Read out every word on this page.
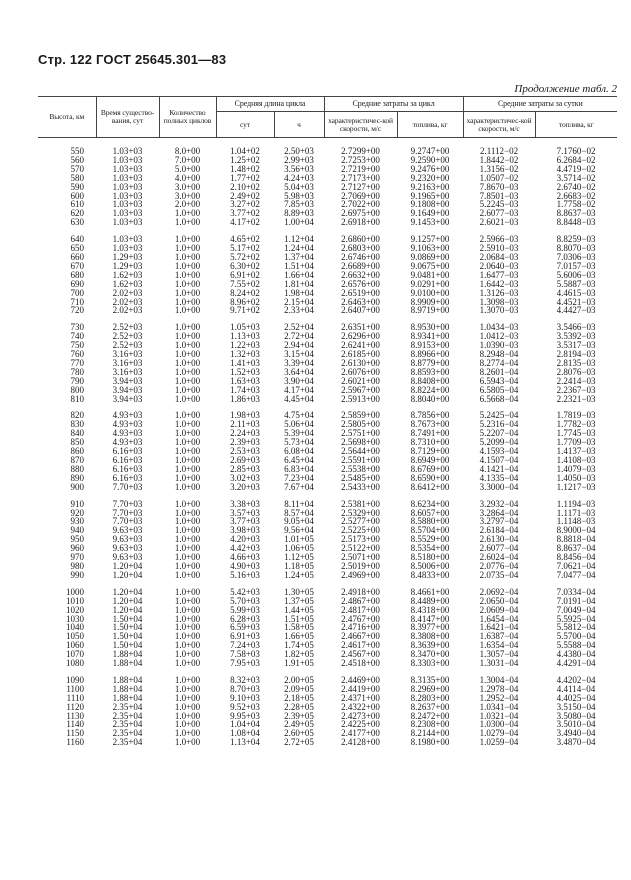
Стр. 122 ГОСТ 25645.301—83
Продолжение табл. 2
Высота, км	Время существо-вания, сут	Количество полных циклов	Средняя длина цикла		Средние затраты за цикл		Средние затраты за сутки	
			сут	ч	характеристичес-кой скорости, м/с	топлива, кг	характеристичес-кой скорости, м/с	топлива, кг

550	1.03+03	8.0+00	1.04+02	2.50+03	2.7299+00	9.2747+00	2.1112−02	7.1760−02
560	1.03+03	7.0+00	1.25+02	2.99+03	2.7253+00	9.2590+00	1.8442−02	6.2684−02
570	1.03+03	5.0+00	1.48+02	3.56+03	2.7219+00	9.2476+00	1.3156−02	4.4719−02
580	1.03+03	4.0+00	1.77+02	4.24+03	2.7173+00	9.2320+00	1.0507−02	3.5714−02
590	1.03+03	3.0+00	2.10+02	5.04+03	2.7127+00	9.2163+00	7.8670−03	2.6740−02
600	1.03+03	3.0+00	2.49+02	5.98+03	2.7069+00	9.1965+00	7.8501−03	2.6683−02
610	1.03+03	2.0+00	3.27+02	7.85+03	2.7022+00	9.1808+00	5.2245−03	1.7758−02
620	1.03+03	1.0+00	3.77+02	8.89+03	2.6975+00	9.1649+00	2.6077−03	8.8637−03
630	1.03+03	1.0+00	4.17+02	1.00+04	2.6918+00	9.1453+00	2.6021−03	8.8448−03

640	1.03+03	1.0+00	4.65+02	1.12+04	2.6860+00	9.1257+00	2.5966−03	8.8259−03
650	1.03+03	1.0+00	5.17+02	1.24+04	2.6803+00	9.1063+00	2.5910−03	8.8070−03
660	1.29+03	1.0+00	5.72+02	1.37+04	2.6746+00	9.0869+00	2.0684−03	7.0306−03
670	1.29+03	1.0+00	6.30+02	1.51+04	2.6689+00	9.0675+00	2.0640−03	7.0157−03
680	1.62+03	1.0+00	6.91+02	1.66+04	2.6632+00	9.0481+00	1.6477−03	5.6006−03
690	1.62+03	1.0+00	7.55+02	1.81+04	2.6576+00	9.0291+00	1.6442−03	5.5887−03
700	2.02+03	1.0+00	8.24+02	1.98+04	2.6519+00	9.0100+00	1.3126−03	4.4615−03
710	2.02+03	1.0+00	8.96+02	2.15+04	2.6463+00	8.9909+00	1.3098−03	4.4521−03
720	2.02+03	1.0+00	9.71+02	2.33+04	2.6407+00	8.9719+00	1.3070−03	4.4427−03

730	2.52+03	1.0+00	1.05+03	2.52+04	2.6351+00	8.9530+00	1.0434−03	3.5466−03
740	2.52+03	1.0+00	1.13+03	2.72+04	2.6296+00	8.9341+00	1.0412−03	3.5392−03
750	2.52+03	1.0+00	1.22+03	2.94+04	2.6241+00	8.9153+00	1.0390−03	3.5317−03
760	3.16+03	1.0+00	1.32+03	3.15+04	2.6185+00	8.8966+00	8.2948−04	2.8194−03
770	3.16+03	1.0+00	1.41+03	3.39+04	2.6130+00	8.8779+00	8.2774−04	2.8135−03
780	3.16+03	1.0+00	1.52+03	3.64+04	2.6076+00	8.8593+00	8.2601−04	2.8076−03
790	3.94+03	1.0+00	1.63+03	3.90+04	2.6021+00	8.8408+00	6.5943−04	2.2414−03
800	3.94+03	1.0+00	1.74+03	4.17+04	2.5967+00	8.8224+00	6.5805−04	2.2367−03
810	3.94+03	1.0+00	1.86+03	4.45+04	2.5913+00	8.8040+00	6.5668−04	2.2321−03

820	4.93+03	1.0+00	1.98+03	4.75+04	2.5859+00	8.7856+00	5.2425−04	1.7819−03
830	4.93+03	1.0+00	2.11+03	5.06+04	2.5805+00	8.7673+00	5.2316−04	1.7782−03
840	4.93+03	1.0+00	2.24+03	5.39+04	2.5751+00	8.7491+00	5.2207−04	1.7745−03
850	4.93+03	1.0+00	2.39+03	5.73+04	2.5698+00	8.7310+00	5.2099−04	1.7709−03
860	6.16+03	1.0+00	2.53+03	6.08+04	2.5644+00	8.7129+00	4.1593−04	1.4137−03
870	6.16+03	1.0+00	2.69+03	6.45+04	2.5591+00	8.6949+00	4.1507−04	1.4108−03
880	6.16+03	1.0+00	2.85+03	6.83+04	2.5538+00	8.6769+00	4.1421−04	1.4079−03
890	6.16+03	1.0+00	3.02+03	7.23+04	2.5485+00	8.6590+00	4.1335−04	1.4050−03
900	7.70+03	1.0+00	3.20+03	7.67+04	2.5433+00	8.6412+00	3.3000−04	1.1217−03

910	7.70+03	1.0+00	3.38+03	8.11+04	2.5381+00	8.6234+00	3.2932−04	1.1194−03
920	7.70+03	1.0+00	3.57+03	8.57+04	2.5329+00	8.6057+00	3.2864−04	1.1171−03
930	7.70+03	1.0+00	3.77+03	9.05+04	2.5277+00	8.5880+00	3.2797−04	1.1148−03
940	9.63+03	1.0+00	3.98+03	9.56+04	2.5225+00	8.5704+00	2.6184−04	8.9000−04
950	9.63+03	1.0+00	4.20+03	1.01+05	2.5173+00	8.5529+00	2.6130−04	8.8818−04
960	9.63+03	1.0+00	4.42+03	1.06+05	2.5122+00	8.5354+00	2.6077−04	8.8637−04
970	9.63+03	1.0+00	4.66+03	1.12+05	2.5071+00	8.5180+00	2.6024−04	8.8456−04
980	1.20+04	1.0+00	4.90+03	1.18+05	2.5019+00	8.5006+00	2.0776−04	7.0621−04
990	1.20+04	1.0+00	5.16+03	1.24+05	2.4969+00	8.4833+00	2.0735−04	7.0477−04

1000	1.20+04	1.0+00	5.42+03	1.30+05	2.4918+00	8.4661+00	2.0692−04	7.0334−04
1010	1.20+04	1.0+00	5.70+03	1.37+05	2.4867+00	8.4489+00	2.0650−04	7.0191−04
1020	1.20+04	1.0+00	5.99+03	1.44+05	2.4817+00	8.4318+00	2.0609−04	7.0049−04
1030	1.50+04	1.0+00	6.28+03	1.51+05	2.4767+00	8.4147+00	1.6454−04	5.5925−04
1040	1.50+04	1.0+00	6.59+03	1.58+05	2.4716+00	8.3977+00	1.6421−04	5.5812−04
1050	1.50+04	1.0+00	6.91+03	1.66+05	2.4667+00	8.3808+00	1.6387−04	5.5700−04
1060	1.50+04	1.0+00	7.24+03	1.74+05	2.4617+00	8.3639+00	1.6354−04	5.5588−04
1070	1.88+04	1.0+00	7.58+03	1.82+05	2.4567+00	8.3470+00	1.3057−04	4.4380−04
1080	1.88+04	1.0+00	7.95+03	1.91+05	2.4518+00	8.3303+00	1.3031−04	4.4291−04

1090	1.88+04	1.0+00	8.32+03	2.00+05	2.4469+00	8.3135+00	1.3004−04	4.4202−04
1100	1.88+04	1.0+00	8.70+03	2.09+05	2.4419+00	8.2969+00	1.2978−04	4.4114−04
1110	1.88+04	1.0+00	9.10+03	2.18+05	2.4371+00	8.2803+00	1.2952−04	4.4025−04
1120	2.35+04	1.0+00	9.52+03	2.28+05	2.4322+00	8.2637+00	1.0341−04	3.5150−04
1130	2.35+04	1.0+00	9.95+03	2.39+05	2.4273+00	8.2472+00	1.0321−04	3.5080−04
1140	2.35+04	1.0+00	1.04+04	2.49+05	2.4225+00	8.2308+00	1.0300−04	3.5010−04
1150	2.35+04	1.0+00	1.08+04	2.60+05	2.4177+00	8.2144+00	1.0279−04	3.4940−04
1160	2.35+04	1.0+00	1.13+04	2.72+05	2.4128+00	8.1980+00	1.0259−04	3.4870−04
